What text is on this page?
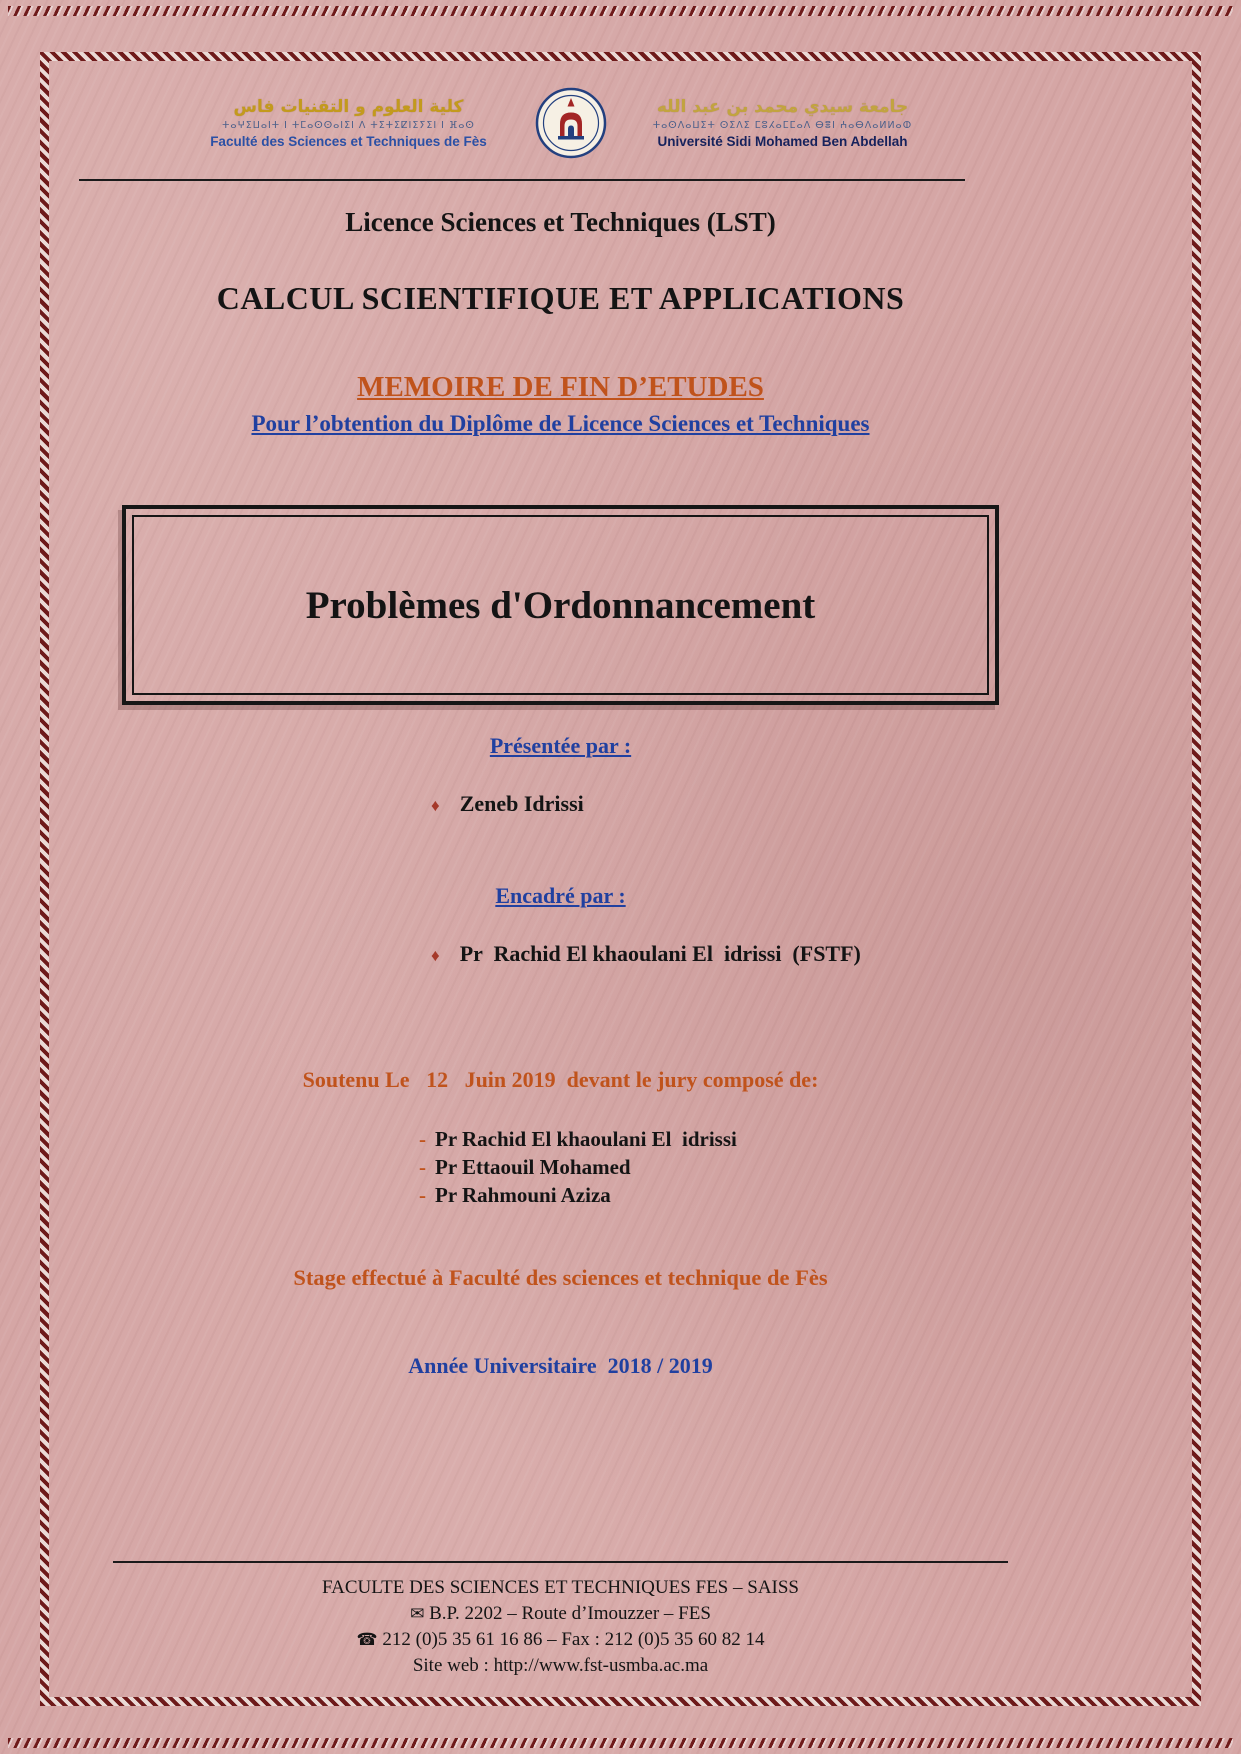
كلية العلوم و التقنيات فاس
ⵜⴰⵖⵉⵡⴰⵏⵜ ⵏ ⵜⵎⴰⵙⵙⴰⵏⵉⵏ ⴷ ⵜⵉⵜⵉⵇⵏⵉⵢⵉⵏ ⵏ ⴼⴰⵙ
Faculté des Sciences et Techniques de Fès
جامعة سيدي محمد بن عبد الله
ⵜⴰⵙⴷⴰⵡⵉⵜ ⵙⵉⴷⵉ ⵎⵓⵃⴰⵎⵎⴰⴷ ⴱⴻⵏ ⵄⴰⴱⴷⴰⵍⵍⴰⵀ
Université Sidi Mohamed Ben Abdellah
Licence Sciences et Techniques (LST)
CALCUL SCIENTIFIQUE ET APPLICATIONS
MEMOIRE DE FIN D’ETUDES
Pour l’obtention du Diplôme de Licence Sciences et Techniques
Problèmes d'Ordonnancement
Présentée par :
♦ Zeneb Idrissi
Encadré par :
♦ Pr  Rachid El khaoulani El  idrissi  (FSTF)
Soutenu Le   12   Juin 2019  devant le jury composé de:
- Pr Rachid El khaoulani El  idrissi
- Pr Ettaouil Mohamed
- Pr Rahmouni Aziza
Stage effectué à Faculté des sciences et technique de Fès
Année Universitaire  2018 / 2019
FACULTE DES SCIENCES ET TECHNIQUES FES – SAISS
✉ B.P. 2202 – Route d’Imouzzer – FES
☎ 212 (0)5 35 61 16 86 – Fax : 212 (0)5 35 60 82 14
Site web : http://www.fst-usmba.ac.ma
